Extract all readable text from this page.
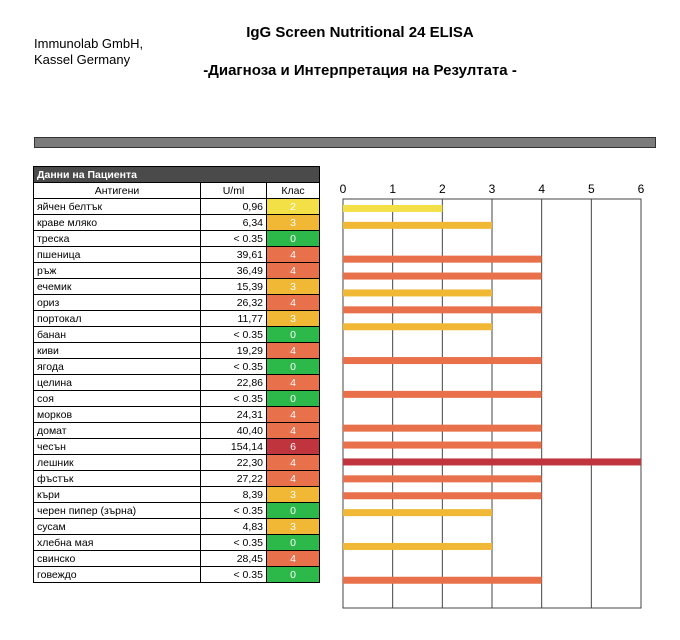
Immunolab GmbH,
Kassel Germany
IgG Screen Nutritional 24 ELISA
-Диагноза и Интерпретация на Резултата -
Данни на Пациента		
Антигени	U/ml	Клас
яйчен белтък	0,96	2
краве мляко	6,34	3
треска	< 0.35	0
пшеница	39,61	4
ръж	36,49	4
ечемик	15,39	3
ориз	26,32	4
портокал	11,77	3
банан	< 0.35	0
киви	19,29	4
ягода	< 0.35	0
целина	22,86	4
соя	< 0.35	0
морков	24,31	4
домат	40,40	4
чесън	154,14	6
лешник	22,30	4
фъстък	27,22	4
къри	8,39	3
черен пипер (зърна)	< 0.35	0
сусам	4,83	3
хлебна мая	< 0.35	0
свинско	28,45	4
говеждо	< 0.35	0
0	1	2	3	4	5	6
